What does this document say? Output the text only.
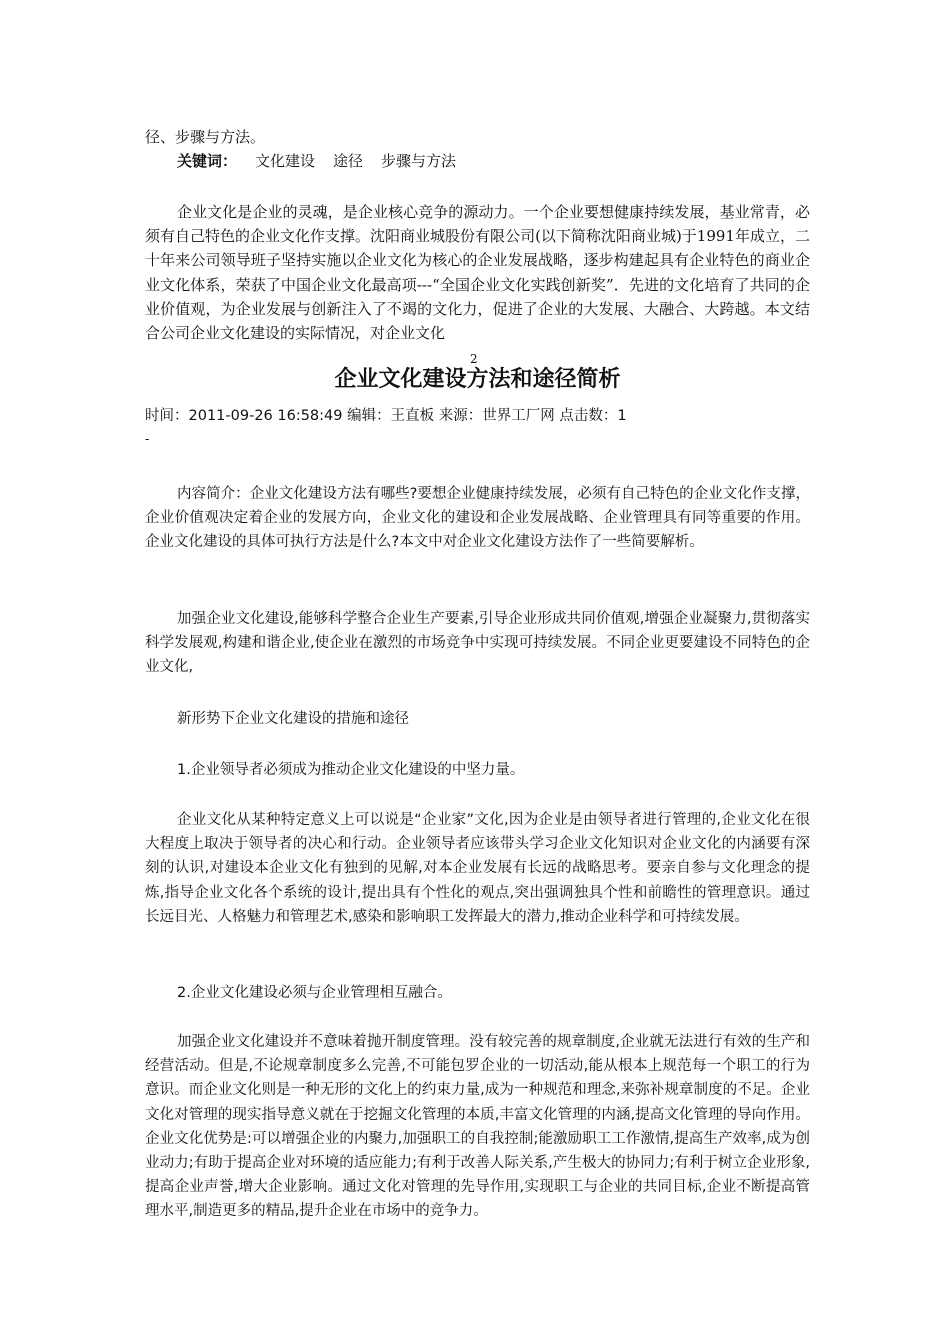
径、步骤与方法。

关键词： 文化建设 途径 步骤与方法

企业文化是企业的灵魂，是企业核心竞争的源动力。一个企业要想健康持续发展，基业常青，必须有自己特色的企业文化作支撑。沈阳商业城股份有限公司(以下简称沈阳商业城)于1991年成立，二十年来公司领导班子坚持实施以企业文化为核心的企业发展战略，逐步构建起具有企业特色的商业企业文化体系，荣获了中国企业文化最高项---“全国企业文化实践创新奖”．先进的文化培育了共同的企业价值观，为企业发展与创新注入了不竭的文化力，促进了企业的大发展、大融合、大跨越。本文结合公司企业文化建设的实际情况，对企业文化

2
企业文化建设方法和途径简析

时间：2011-09-26 16:58:49 编辑：王直板 来源：世界工厂网 点击数：1

-

内容简介：企业文化建设方法有哪些?要想企业健康持续发展，必须有自己特色的企业文化作支撑，企业价值观决定着企业的发展方向，企业文化的建设和企业发展战略、企业管理具有同等重要的作用。企业文化建设的具体可执行方法是什么?本文中对企业文化建设方法作了一些简要解析。

加强企业文化建设,能够科学整合企业生产要素,引导企业形成共同价值观,增强企业凝聚力,贯彻落实科学发展观,构建和谐企业,使企业在激烈的市场竞争中实现可持续发展。不同企业更要建设不同特色的企业文化,

新形势下企业文化建设的措施和途径

1.企业领导者必须成为推动企业文化建设的中坚力量。

企业文化从某种特定意义上可以说是“企业家”文化,因为企业是由领导者进行管理的,企业文化在很大程度上取决于领导者的决心和行动。企业领导者应该带头学习企业文化知识对企业文化的内涵要有深刻的认识,对建设本企业文化有独到的见解,对本企业发展有长远的战略思考。要亲自参与文化理念的提炼,指导企业文化各个系统的设计,提出具有个性化的观点,突出强调独具个性和前瞻性的管理意识。通过长远目光、人格魅力和管理艺术,感染和影响职工发挥最大的潜力,推动企业科学和可持续发展。

2.企业文化建设必须与企业管理相互融合。

加强企业文化建设并不意味着抛开制度管理。没有较完善的规章制度,企业就无法进行有效的生产和经营活动。但是,不论规章制度多么完善,不可能包罗企业的一切活动,能从根本上规范每一个职工的行为意识。而企业文化则是一种无形的文化上的约束力量,成为一种规范和理念,来弥补规章制度的不足。企业文化对管理的现实指导意义就在于挖掘文化管理的本质,丰富文化管理的内涵,提高文化管理的导向作用。企业文化优势是:可以增强企业的内聚力,加强职工的自我控制;能激励职工工作激情,提高生产效率,成为创业动力;有助于提高企业对环境的适应能力;有利于改善人际关系,产生极大的协同力;有利于树立企业形象,提高企业声誉,增大企业影响。通过文化对管理的先导作用,实现职工与企业的共同目标,企业不断提高管理水平,制造更多的精品,提升企业在市场中的竞争力。
